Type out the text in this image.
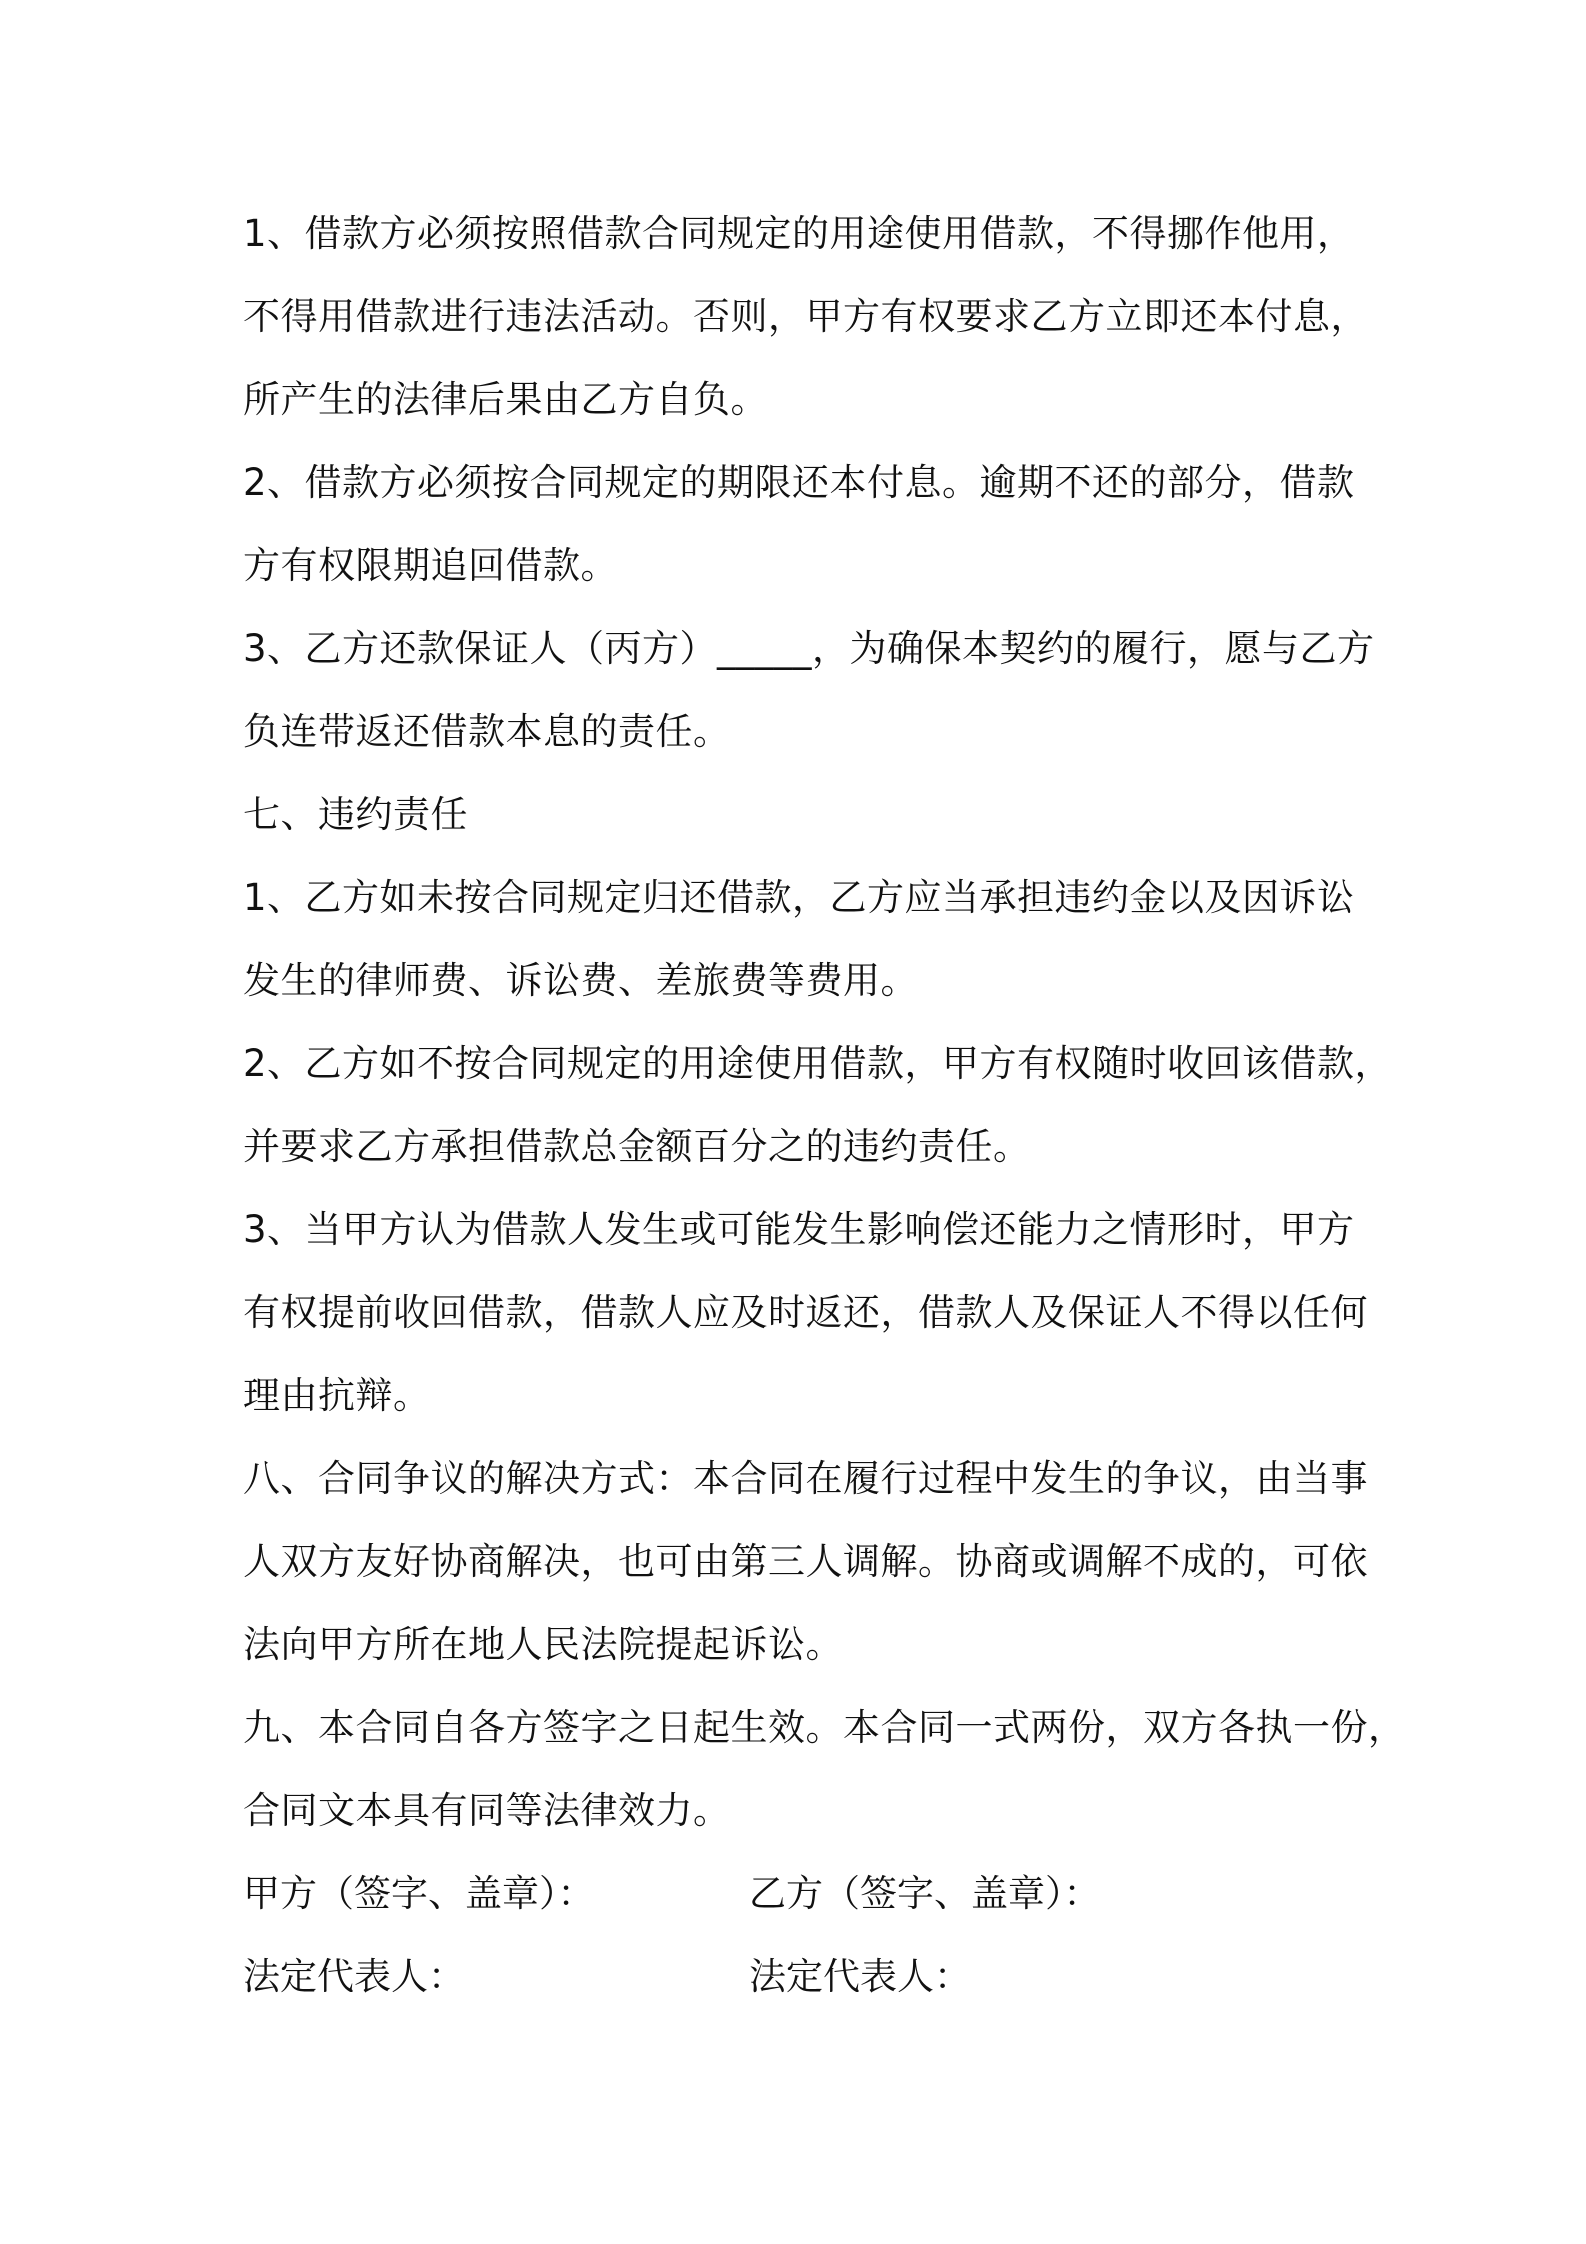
1、借款方必须按照借款合同规定的用途使用借款，不得挪作他用，
不得用借款进行违法活动。否则，甲方有权要求乙方立即还本付息，
所产生的法律后果由乙方自负。
2、借款方必须按合同规定的期限还本付息。逾期不还的部分，借款
方有权限期追回借款。
3、乙方还款保证人（丙方）_____，为确保本契约的履行，愿与乙方
负连带返还借款本息的责任。
七、违约责任
1、乙方如未按合同规定归还借款，乙方应当承担违约金以及因诉讼
发生的律师费、诉讼费、差旅费等费用。
2、乙方如不按合同规定的用途使用借款，甲方有权随时收回该借款，
并要求乙方承担借款总金额百分之的违约责任。
3、当甲方认为借款人发生或可能发生影响偿还能力之情形时，甲方
有权提前收回借款，借款人应及时返还，借款人及保证人不得以任何
理由抗辩。
八、合同争议的解决方式：本合同在履行过程中发生的争议，由当事
人双方友好协商解决，也可由第三人调解。协商或调解不成的，可依
法向甲方所在地人民法院提起诉讼。
九、本合同自各方签字之日起生效。本合同一式两份，双方各执一份，
合同文本具有同等法律效力。
甲方（签字、盖章）：	乙方（签字、盖章）：
法定代表人：	法定代表人：
